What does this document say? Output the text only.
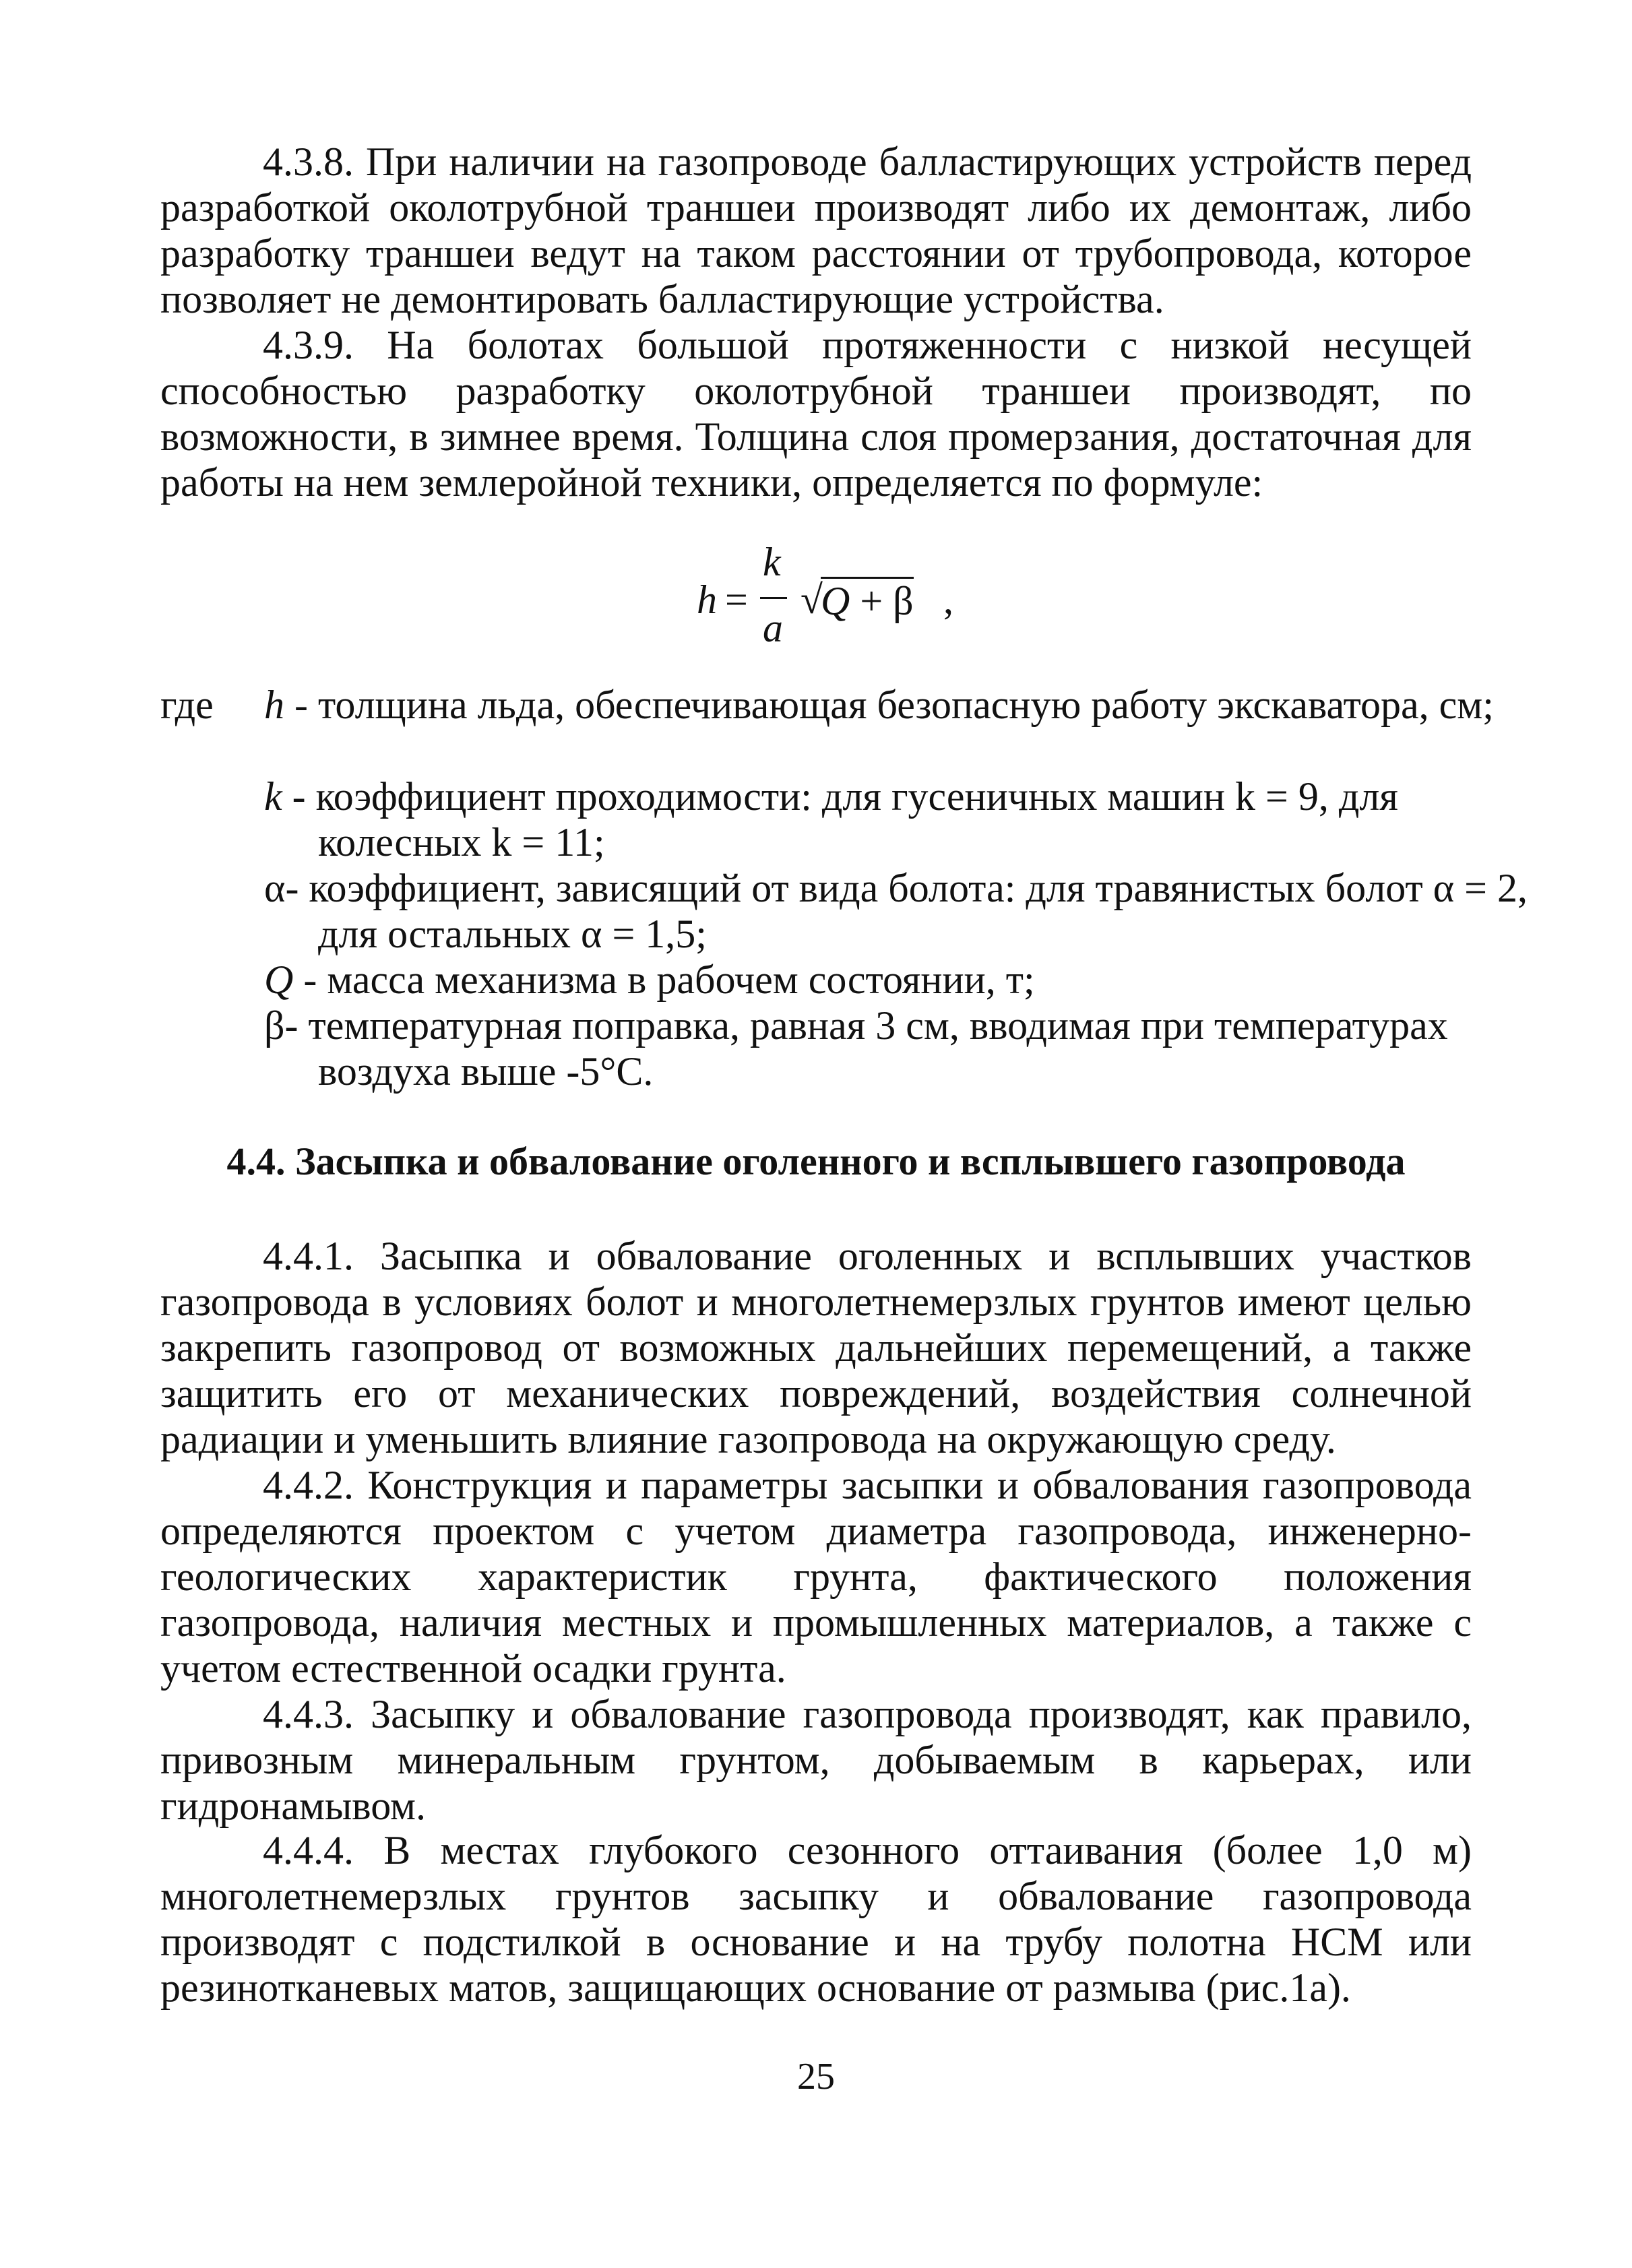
4.3.8. При наличии на газопроводе балластирующих устройств перед разработкой околотрубной траншеи производят либо их демонтаж, либо разработку траншеи ведут на таком расстоянии от трубопровода, которое позволяет не демонтировать балластирующие устройства.

4.3.9. На болотах большой протяженности с низкой несущей способностью разработку околотрубной траншеи производят, по возможности, в зимнее время. Толщина слоя промерзания, достаточная для работы на нем землеройной техники, определяется по формуле:

h =
k
a
√
Q + β ,
где h - толщина льда, обеспечивающая безопасную работу экскаватора, см;

k - коэффициент проходимости: для гусеничных машин k = 9, для колесных k = 11;

α- коэффициент, зависящий от вида болота: для травянистых болот α = 2, для остальных α = 1,5;

Q - масса механизма в рабочем состоянии, т;

β- температурная поправка, равная 3 см, вводимая при температурах воздуха выше -5°С.

4.4. Засыпка и обвалование оголенного и всплывшего газопровода

4.4.1. Засыпка и обвалование оголенных и всплывших участков газопровода в условиях болот и многолетнемерзлых грунтов имеют целью закрепить газопровод от возможных дальнейших перемещений, а также защитить его от механических повреждений, воздействия солнечной радиации и уменьшить влияние газопровода на окружающую среду.

4.4.2. Конструкция и параметры засыпки и обвалования газопровода определяются проектом с учетом диаметра газопровода, инженерно-геологических характеристик грунта, фактического положения газопровода, наличия местных и промышленных материалов, а также с учетом естественной осадки грунта.

4.4.3. Засыпку и обвалование газопровода производят, как правило, привозным минеральным грунтом, добываемым в карьерах, или гидронамывом.

4.4.4. В местах глубокого сезонного оттаивания (более 1,0 м) многолетнемерзлых грунтов засыпку и обвалование газопровода производят с подстилкой в основание и на трубу полотна НСМ или резинотканевых матов, защищающих основание от размыва (рис.1а).

25
